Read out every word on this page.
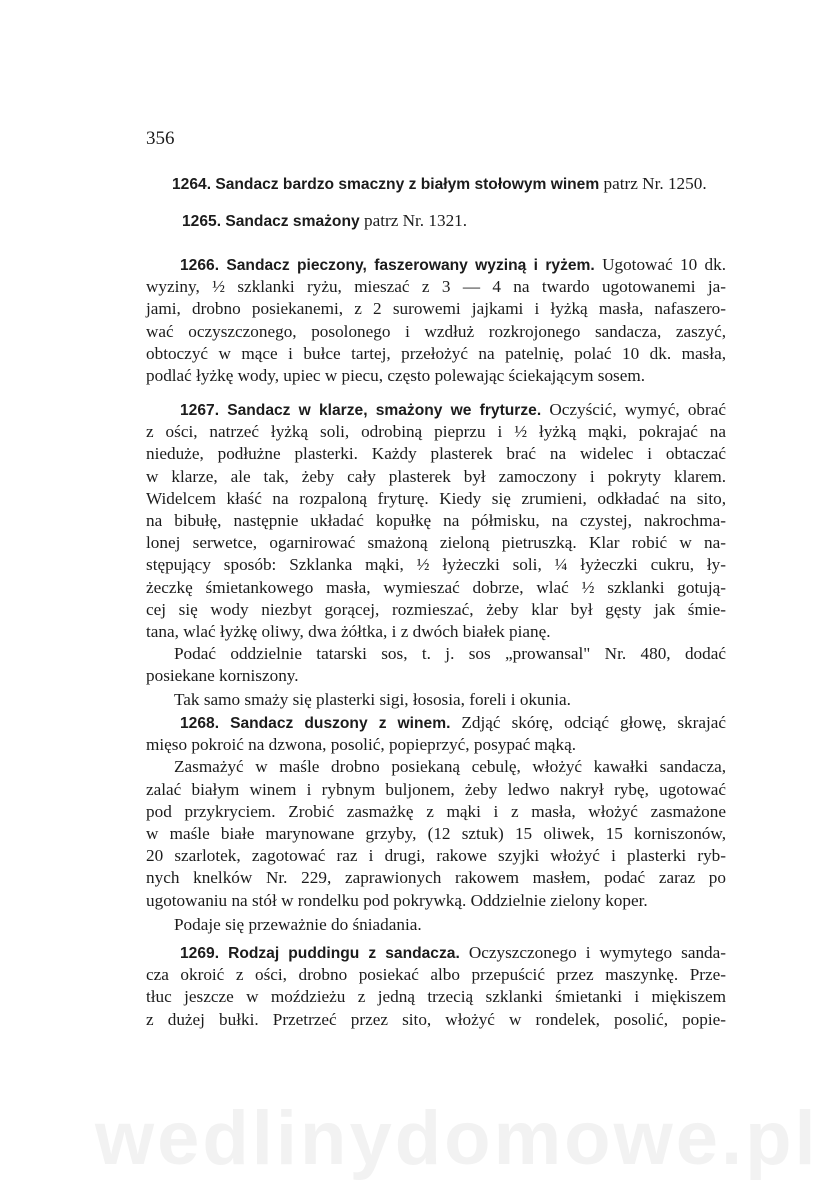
356
1264. Sandacz bardzo smaczny z białym stołowym winem patrz Nr. 1250.
1265. Sandacz smażony patrz Nr. 1321.
1266. Sandacz pieczony, faszerowany wyziną i ryżem. Ugotować 10 dk.
wyziny, ½ szklanki ryżu, mieszać z 3 — 4 na twardo ugotowanemi ja-
jami, drobno posiekanemi, z 2 surowemi jajkami i łyżką masła, nafaszero-
wać oczyszczonego, posolonego i wzdłuż rozkrojonego sandacza, zaszyć,
obtoczyć w mące i bułce tartej, przełożyć na patelnię, polać 10 dk. masła,
podlać łyżkę wody, upiec w piecu, często polewając ściekającym sosem.
1267. Sandacz w klarze, smażony we fryturze. Oczyścić, wymyć, obrać
z ości, natrzeć łyżką soli, odrobiną pieprzu i ½ łyżką mąki, pokrajać na
nieduże, podłużne plasterki. Każdy plasterek brać na widelec i obtaczać
w klarze, ale tak, żeby cały plasterek był zamoczony i pokryty klarem.
Widelcem kłaść na rozpaloną fryturę. Kiedy się zrumieni, odkładać na sito,
na bibułę, następnie układać kopułkę na półmisku, na czystej, nakrochma-
lonej serwetce, ogarnirować smażoną zieloną pietruszką. Klar robić w na-
stępujący sposób: Szklanka mąki, ½ łyżeczki soli, ¼ łyżeczki cukru, ły-
żeczkę śmietankowego masła, wymieszać dobrze, wlać ½ szklanki gotują-
cej się wody niezbyt gorącej, rozmieszać, żeby klar był gęsty jak śmie-
tana, wlać łyżkę oliwy, dwa żółtka, i z dwóch białek pianę.
Podać oddzielnie tatarski sos, t. j. sos „prowansal" Nr. 480, dodać
posiekane korniszony.
Tak samo smaży się plasterki sigi, łososia, foreli i okunia.
1268. Sandacz duszony z winem. Zdjąć skórę, odciąć głowę, skrajać
mięso pokroić na dzwona, posolić, popieprzyć, posypać mąką.
Zasmażyć w maśle drobno posiekaną cebulę, włożyć kawałki sandacza,
zalać białym winem i rybnym buljonem, żeby ledwo nakrył rybę, ugotować
pod przykryciem. Zrobić zasmażkę z mąki i z masła, włożyć zasmażone
w maśle białe marynowane grzyby, (12 sztuk) 15 oliwek, 15 korniszonów,
20 szarlotek, zagotować raz i drugi, rakowe szyjki włożyć i plasterki ryb-
nych knelków Nr. 229, zaprawionych rakowem masłem, podać zaraz po
ugotowaniu na stół w rondelku pod pokrywką. Oddzielnie zielony koper.
Podaje się przeważnie do śniadania.
1269. Rodzaj puddingu z sandacza. Oczyszczonego i wymytego sanda-
cza okroić z ości, drobno posiekać albo przepuścić przez maszynkę. Prze-
tłuc jeszcze w moździeżu z jedną trzecią szklanki śmietanki i miękiszem
z dużej bułki. Przetrzeć przez sito, włożyć w rondelek, posolić, popie-
wedlinydomowe.pl
